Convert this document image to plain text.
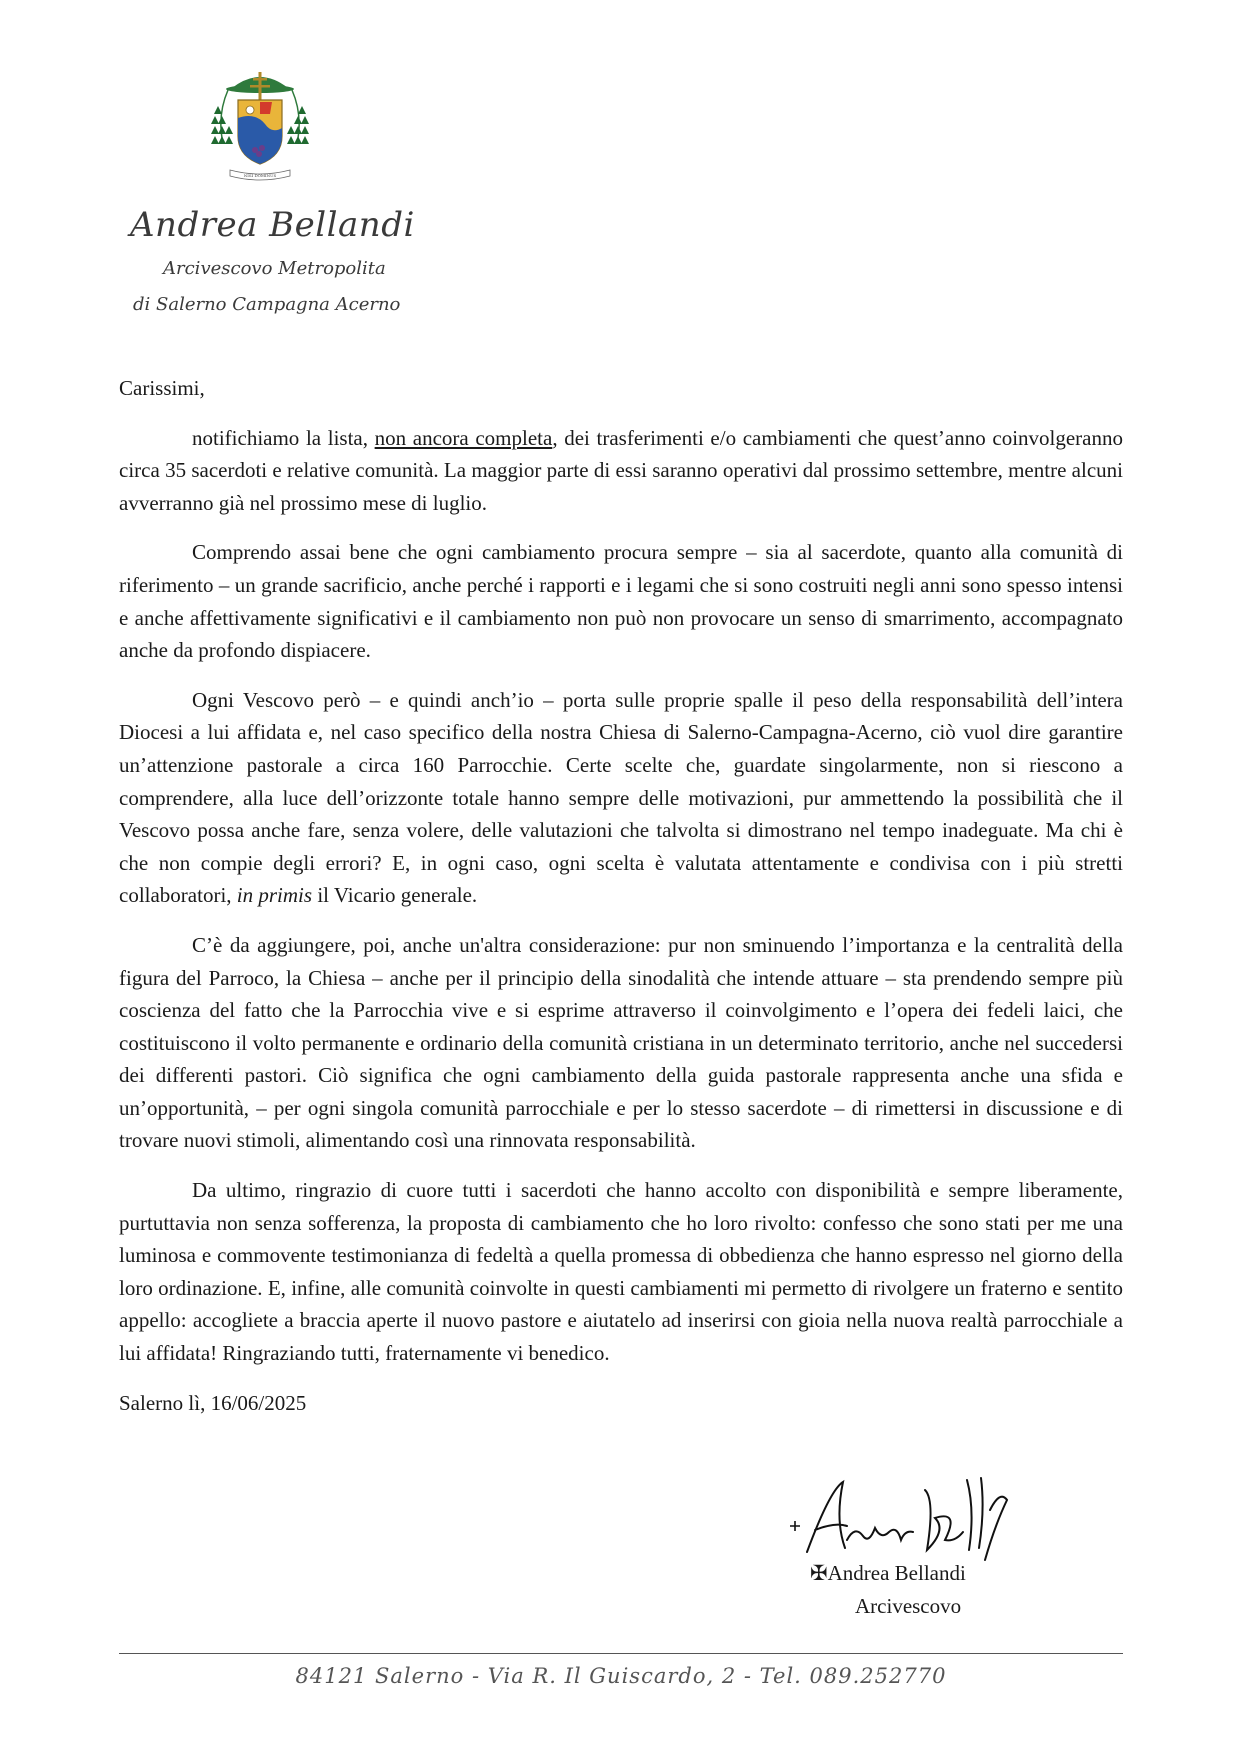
NISI DOMINUS
Andrea Bellandi
Arcivescovo Metropolita
di Salerno Campagna Acerno
Carissimi,

notifichiamo la lista, non ancora completa, dei trasferimenti e/o cambiamenti che quest’anno coinvolgeranno circa 35 sacerdoti e relative comunità. La maggior parte di essi saranno operativi dal prossimo settembre, mentre alcuni avverranno già nel prossimo mese di luglio.

Comprendo assai bene che ogni cambiamento procura sempre – sia al sacerdote, quanto alla comunità di riferimento – un grande sacrificio, anche perché i rapporti e i legami che si sono costruiti negli anni sono spesso intensi e anche affettivamente significativi e il cambiamento non può non provocare un senso di smarrimento, accompagnato anche da profondo dispiacere.

Ogni Vescovo però – e quindi anch’io – porta sulle proprie spalle il peso della responsabilità dell’intera Diocesi a lui affidata e, nel caso specifico della nostra Chiesa di Salerno-Campagna-Acerno, ciò vuol dire garantire un’attenzione pastorale a circa 160 Parrocchie. Certe scelte che, guardate singolarmente, non si riescono a comprendere, alla luce dell’orizzonte totale hanno sempre delle motivazioni, pur ammettendo la possibilità che il Vescovo possa anche fare, senza volere, delle valutazioni che talvolta si dimostrano nel tempo inadeguate. Ma chi è che non compie degli errori? E, in ogni caso, ogni scelta è valutata attentamente e condivisa con i più stretti collaboratori, in primis il Vicario generale.

C’è da aggiungere, poi, anche un'altra considerazione: pur non sminuendo l’importanza e la centralità della figura del Parroco, la Chiesa – anche per il principio della sinodalità che intende attuare – sta prendendo sempre più coscienza del fatto che la Parrocchia vive e si esprime attraverso il coinvolgimento e l’opera dei fedeli laici, che costituiscono il volto permanente e ordinario della comunità cristiana in un determinato territorio, anche nel succedersi dei differenti pastori. Ciò significa che ogni cambiamento della guida pastorale rappresenta anche una sfida e un’opportunità, – per ogni singola comunità parrocchiale e per lo stesso sacerdote – di rimettersi in discussione e di trovare nuovi stimoli, alimentando così una rinnovata responsabilità.

Da ultimo, ringrazio di cuore tutti i sacerdoti che hanno accolto con disponibilità e sempre liberamente, purtuttavia non senza sofferenza, la proposta di cambiamento che ho loro rivolto: confesso che sono stati per me una luminosa e commovente testimonianza di fedeltà a quella promessa di obbedienza che hanno espresso nel giorno della loro ordinazione. E, infine, alle comunità coinvolte in questi cambiamenti mi permetto di rivolgere un fraterno e sentito appello: accogliete a braccia aperte il nuovo pastore e aiutatelo ad inserirsi con gioia nella nuova realtà parrocchiale a lui affidata! Ringraziando tutti, fraternamente vi benedico.

Salerno lì, 16/06/2025
✠Andrea Bellandi
Arcivescovo
84121 Salerno - Via R. Il Guiscardo, 2 - Tel. 089.252770
